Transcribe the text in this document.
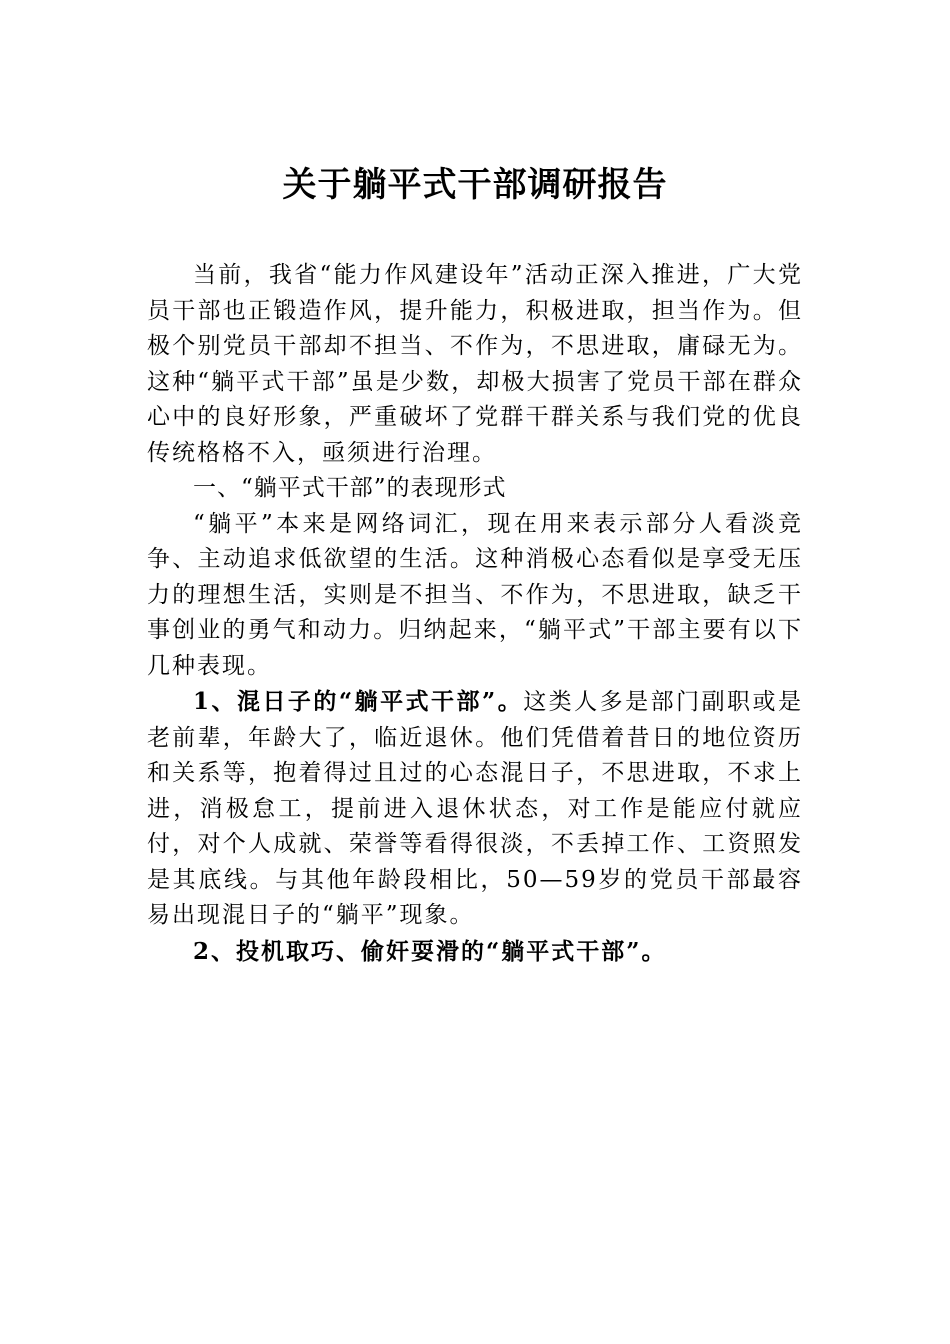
关于躺平式干部调研报告

当前，我省“能力作风建设年”活动正深入推进，广大党员干部也正锻造作风，提升能力，积极进取，担当作为。但极个别党员干部却不担当、不作为，不思进取，庸碌无为。这种“躺平式干部”虽是少数，却极大损害了党员干部在群众心中的良好形象，严重破坏了党群干群关系与我们党的优良传统格格不入，亟须进行治理。

一、“躺平式干部”的表现形式

“躺平”本来是网络词汇，现在用来表示部分人看淡竞争、主动追求低欲望的生活。这种消极心态看似是享受无压力的理想生活，实则是不担当、不作为，不思进取，缺乏干事创业的勇气和动力。归纳起来，“躺平式”干部主要有以下几种表现。

1、混日子的“躺平式干部”。这类人多是部门副职或是老前辈，年龄大了，临近退休。他们凭借着昔日的地位资历和关系等，抱着得过且过的心态混日子，不思进取，不求上进，消极怠工，提前进入退休状态，对工作是能应付就应付，对个人成就、荣誉等看得很淡，不丢掉工作、工资照发是其底线。与其他年龄段相比，50—59岁的党员干部最容易出现混日子的“躺平”现象。

2、投机取巧、偷奸耍滑的“躺平式干部”。
